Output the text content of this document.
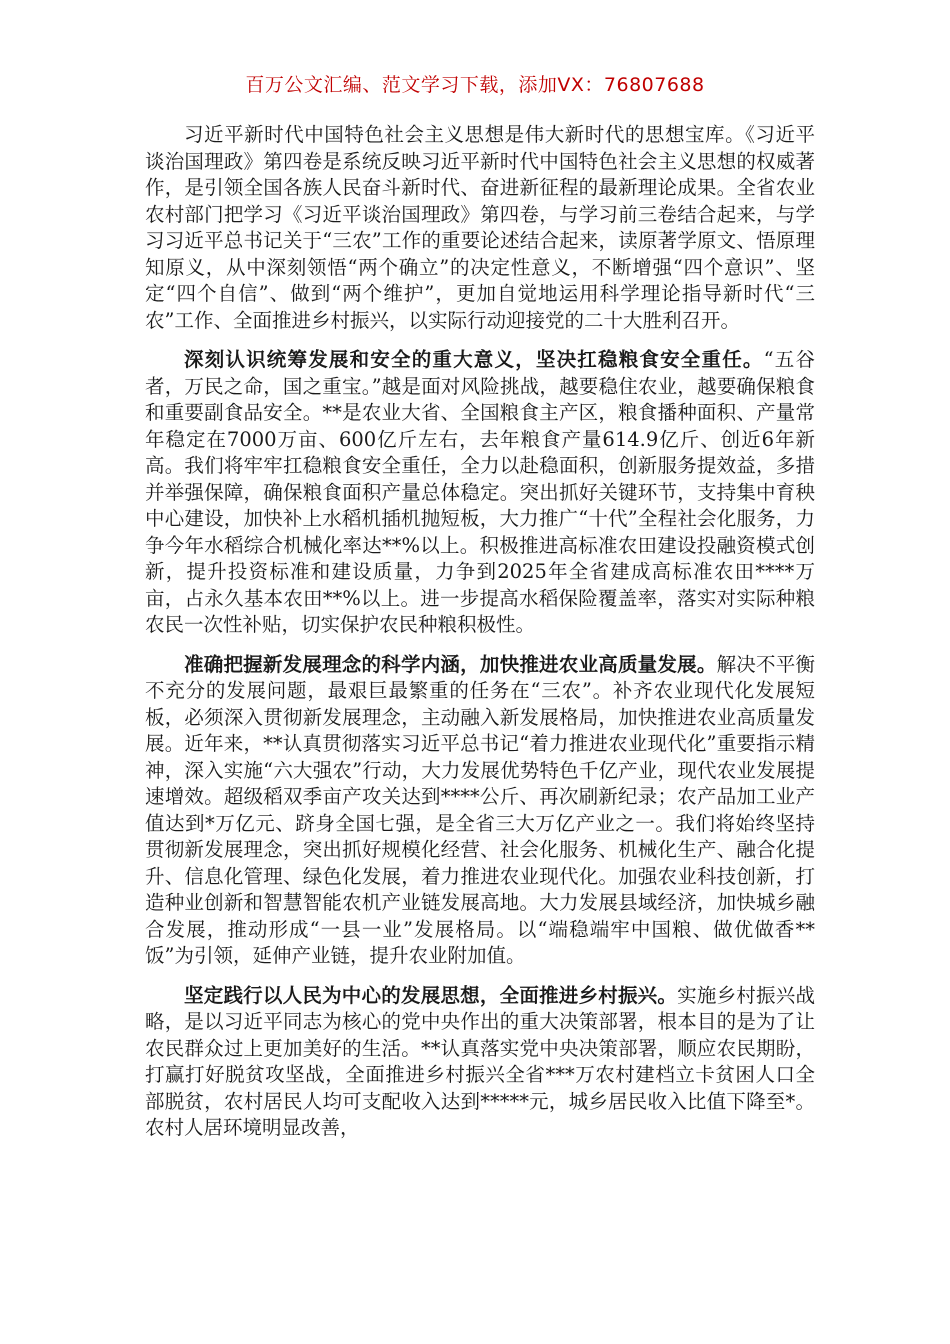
百万公文汇编、范文学习下载，添加VX：76807688

习近平新时代中国特色社会主义思想是伟大新时代的思想宝库。《习近平谈治国理政》第四卷是系统反映习近平新时代中国特色社会主义思想的权威著作，是引领全国各族人民奋斗新时代、奋进新征程的最新理论成果。全省农业农村部门把学习《习近平谈治国理政》第四卷，与学习前三卷结合起来，与学习习近平总书记关于“三农”工作的重要论述结合起来，读原著学原文、悟原理知原义，从中深刻领悟“两个确立”的决定性意义，不断增强“四个意识”、坚定“四个自信”、做到“两个维护”，更加自觉地运用科学理论指导新时代“三农”工作、全面推进乡村振兴，以实际行动迎接党的二十大胜利召开。

深刻认识统筹发展和安全的重大意义，坚决扛稳粮食安全重任。“五谷者，万民之命，国之重宝。”越是面对风险挑战，越要稳住农业，越要确保粮食和重要副食品安全。**是农业大省、全国粮食主产区，粮食播种面积、产量常年稳定在7000万亩、600亿斤左右，去年粮食产量614.9亿斤、创近6年新高。我们将牢牢扛稳粮食安全重任，全力以赴稳面积，创新服务提效益，多措并举强保障，确保粮食面积产量总体稳定。突出抓好关键环节，支持集中育秧中心建设，加快补上水稻机插机抛短板，大力推广“十代”全程社会化服务，力争今年水稻综合机械化率达**%以上。积极推进高标准农田建设投融资模式创新，提升投资标准和建设质量，力争到2025年全省建成高标准农田****万亩，占永久基本农田**%以上。进一步提高水稻保险覆盖率，落实对实际种粮农民一次性补贴，切实保护农民种粮积极性。

准确把握新发展理念的科学内涵，加快推进农业高质量发展。解决不平衡不充分的发展问题，最艰巨最繁重的任务在“三农”。补齐农业现代化发展短板，必须深入贯彻新发展理念，主动融入新发展格局，加快推进农业高质量发展。近年来，**认真贯彻落实习近平总书记“着力推进农业现代化”重要指示精神，深入实施“六大强农”行动，大力发展优势特色千亿产业，现代农业发展提速增效。超级稻双季亩产攻关达到****公斤、再次刷新纪录；农产品加工业产值达到*万亿元、跻身全国七强，是全省三大万亿产业之一。我们将始终坚持贯彻新发展理念，突出抓好规模化经营、社会化服务、机械化生产、融合化提升、信息化管理、绿色化发展，着力推进农业现代化。加强农业科技创新，打造种业创新和智慧智能农机产业链发展高地。大力发展县域经济，加快城乡融合发展，推动形成“一县一业”发展格局。以“端稳端牢中国粮、做优做香**饭”为引领，延伸产业链，提升农业附加值。

坚定践行以人民为中心的发展思想，全面推进乡村振兴。实施乡村振兴战略，是以习近平同志为核心的党中央作出的重大决策部署，根本目的是为了让农民群众过上更加美好的生活。**认真落实党中央决策部署，顺应农民期盼，打赢打好脱贫攻坚战，全面推进乡村振兴全省***万农村建档立卡贫困人口全部脱贫，农村居民人均可支配收入达到*****元，城乡居民收入比值下降至*。农村人居环境明显改善，
